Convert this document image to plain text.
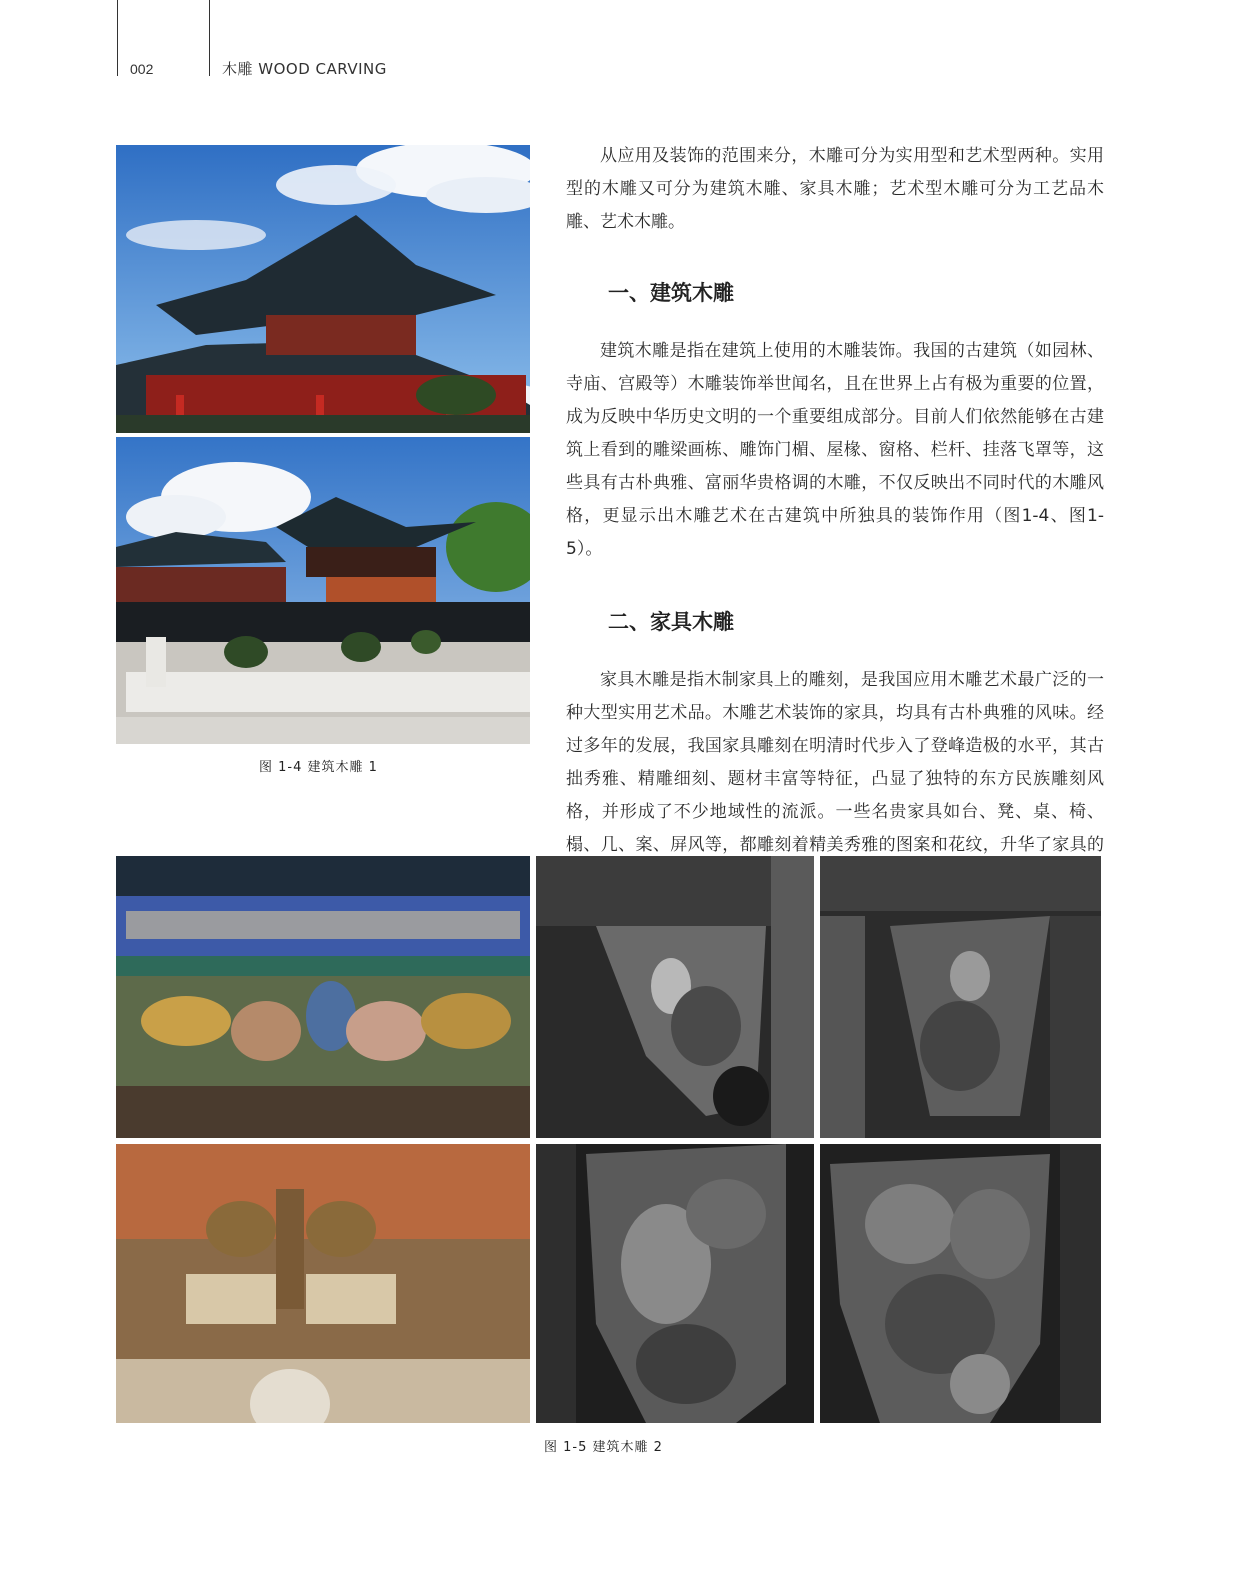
002	木雕 WOOD CARVING
图 1-4 建筑木雕 1

从应用及装饰的范围来分，木雕可分为实用型和艺术型两种。实用型的木雕又可分为建筑木雕、家具木雕；艺术型木雕可分为工艺品木雕、艺术木雕。

一、建筑木雕

建筑木雕是指在建筑上使用的木雕装饰。我国的古建筑（如园林、寺庙、宫殿等）木雕装饰举世闻名，且在世界上占有极为重要的位置，成为反映中华历史文明的一个重要组成部分。目前人们依然能够在古建筑上看到的雕梁画栋、雕饰门楣、屋椽、窗格、栏杆、挂落飞罩等，这些具有古朴典雅、富丽华贵格调的木雕，不仅反映出不同时代的木雕风格，更显示出木雕艺术在古建筑中所独具的装饰作用（图1-4、图1-5）。

二、家具木雕

家具木雕是指木制家具上的雕刻，是我国应用木雕艺术最广泛的一种大型实用艺术品。木雕艺术装饰的家具，均具有古朴典雅的风味。经过多年的发展，我国家具雕刻在明清时代步入了登峰造极的水平，其古拙秀雅、精雕细刻、题材丰富等特征，凸显了独特的东方民族雕刻风格，并形成了不少地域性的流派。一些名贵家具如台、凳、桌、椅、榻、几、案、屏风等，都雕刻着精美秀雅的图案和花纹，升华了家具的

图 1-5 建筑木雕 2
